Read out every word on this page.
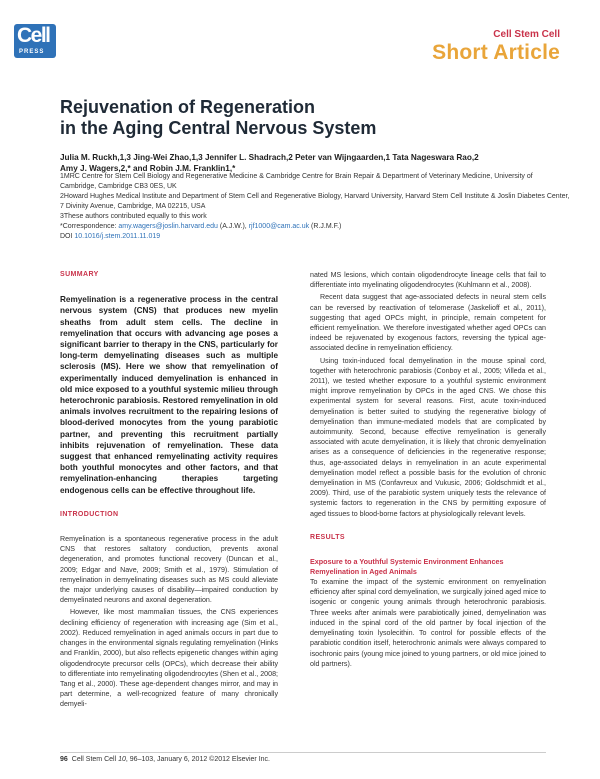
Cell
PRESS
Cell Stem Cell
Short Article
Rejuvenation of Regeneration
in the Aging Central Nervous System
Julia M. Ruckh,1,3 Jing-Wei Zhao,1,3 Jennifer L. Shadrach,2 Peter van Wijngaarden,1 Tata Nageswara Rao,2
Amy J. Wagers,2,* and Robin J.M. Franklin1,*

1MRC Centre for Stem Cell Biology and Regenerative Medicine & Cambridge Centre for Brain Repair & Department of Veterinary Medicine, University of Cambridge, Cambridge CB3 0ES, UK

2Howard Hughes Medical Institute and Department of Stem Cell and Regenerative Biology, Harvard University, Harvard Stem Cell Institute & Joslin Diabetes Center, 7 Divinity Avenue, Cambridge, MA 02215, USA

3These authors contributed equally to this work

*Correspondence: amy.wagers@joslin.harvard.edu (A.J.W.), rjf1000@cam.ac.uk (R.J.M.F.)

DOI 10.1016/j.stem.2011.11.019

SUMMARY

Remyelination is a regenerative process in the central nervous system (CNS) that produces new myelin sheaths from adult stem cells. The decline in remyelination that occurs with advancing age poses a significant barrier to therapy in the CNS, particularly for long-term demyelinating diseases such as multiple sclerosis (MS). Here we show that remyelination of experimentally induced demyelination is enhanced in old mice exposed to a youthful systemic milieu through heterochronic parabiosis. Restored remyelination in old animals involves recruitment to the repairing lesions of blood-derived monocytes from the young parabiotic partner, and preventing this recruitment partially inhibits rejuvenation of remyelination. These data suggest that enhanced remyelinating activity requires both youthful monocytes and other factors, and that remyelination-enhancing therapies targeting endogenous cells can be effective throughout life.

INTRODUCTION

Remyelination is a spontaneous regenerative process in the adult CNS that restores saltatory conduction, prevents axonal degeneration, and promotes functional recovery (Duncan et al., 2009; Edgar and Nave, 2009; Smith et al., 1979). Stimulation of remyelination in demyelinating diseases such as MS could alleviate the major underlying causes of disability—impaired conduction by demyelinated neurons and axonal degeneration.

However, like most mammalian tissues, the CNS experiences declining efficiency of regeneration with increasing age (Sim et al., 2002). Reduced remyelination in aged animals occurs in part due to changes in the environmental signals regulating remyelination (Hinks and Franklin, 2000), but also reflects epigenetic changes within aging oligodendrocyte precursor cells (OPCs), which decrease their ability to differentiate into remyelinating oligodendrocytes (Shen et al., 2008; Tang et al., 2000). These age-dependent changes mirror, and may in part determine, a well-recognized feature of many chronically demyeli-

nated MS lesions, which contain oligodendrocyte lineage cells that fail to differentiate into myelinating oligodendrocytes (Kuhlmann et al., 2008).

Recent data suggest that age-associated defects in neural stem cells can be reversed by reactivation of telomerase (Jaskelioff et al., 2011), suggesting that aged OPCs might, in principle, remain competent for efficient remyelination. We therefore investigated whether aged OPCs can indeed be rejuvenated by exogenous factors, reversing the typical age-associated decline in remyelination efficiency.

Using toxin-induced focal demyelination in the mouse spinal cord, together with heterochronic parabiosis (Conboy et al., 2005; Villeda et al., 2011), we tested whether exposure to a youthful systemic environment might improve remyelination by OPCs in the aged CNS. We chose this experimental system for several reasons. First, acute toxin-induced demyelination is better suited to studying the regenerative biology of demyelination than immune-mediated models that are complicated by autoimmunity. Second, because effective remyelination is generally associated with acute demyelination, it is likely that chronic demyelination arises as a consequence of deficiencies in the regenerative response; thus, age-associated delays in remyelination in an acute experimental demyelination model reflect a possible basis for the evolution of chronic demyelination in MS (Confavreux and Vukusic, 2006; Goldschmidt et al., 2009). Third, use of the parabiotic system uniquely tests the relevance of systemic factors to regeneration in the CNS by permitting exposure of aged tissues to blood-borne factors at physiologically relevant levels.

RESULTS
Exposure to a Youthful Systemic Environment Enhances Remyelination in Aged Animals

To examine the impact of the systemic environment on remyelination efficiency after spinal cord demyelination, we surgically joined aged mice to isogenic or congenic young animals through heterochronic parabiosis. Three weeks after animals were parabiotically joined, demyelination was induced in the spinal cord of the old partner by focal injection of the demyelinating toxin lysolecithin. To control for possible effects of the parabiotic condition itself, heterochronic animals were always compared to isochronic pairs (young mice joined to young partners, or old mice joined to old partners).

96 Cell Stem Cell 10, 96–103, January 6, 2012 ©2012 Elsevier Inc.
